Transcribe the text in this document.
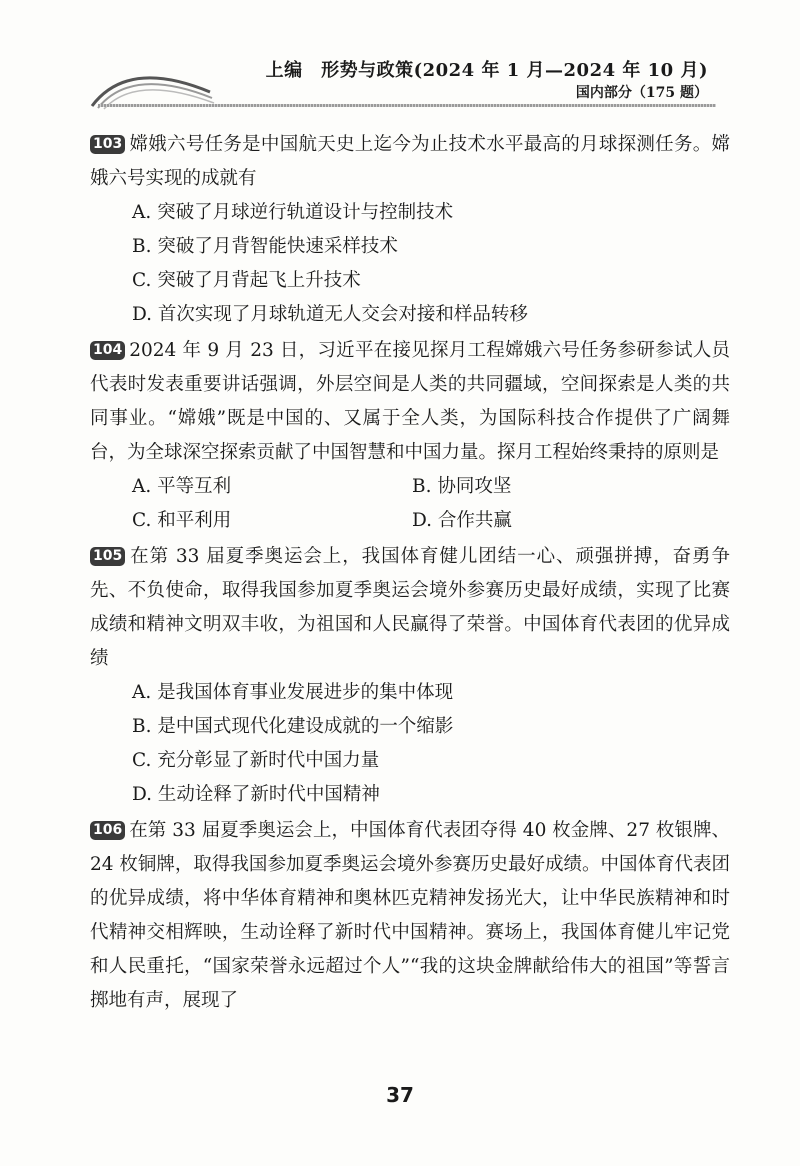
上编　形势与政策(2024 年 1 月—2024 年 10 月)
国内部分（175 题）
103 嫦娥六号任务是中国航天史上迄今为止技术水平最高的月球探测任务。嫦娥六号实现的成就有
A. 突破了月球逆行轨道设计与控制技术
B. 突破了月背智能快速采样技术
C. 突破了月背起飞上升技术
D. 首次实现了月球轨道无人交会对接和样品转移
104 2024 年 9 月 23 日，习近平在接见探月工程嫦娥六号任务参研参试人员代表时发表重要讲话强调，外层空间是人类的共同疆域，空间探索是人类的共同事业。“嫦娥”既是中国的、又属于全人类，为国际科技合作提供了广阔舞台，为全球深空探索贡献了中国智慧和中国力量。探月工程始终秉持的原则是
A. 平等互利	B. 协同攻坚
C. 和平利用	D. 合作共赢
105 在第 33 届夏季奥运会上，我国体育健儿团结一心、顽强拼搏，奋勇争先、不负使命，取得我国参加夏季奥运会境外参赛历史最好成绩，实现了比赛成绩和精神文明双丰收，为祖国和人民赢得了荣誉。中国体育代表团的优异成绩
A. 是我国体育事业发展进步的集中体现
B. 是中国式现代化建设成就的一个缩影
C. 充分彰显了新时代中国力量
D. 生动诠释了新时代中国精神
106 在第 33 届夏季奥运会上，中国体育代表团夺得 40 枚金牌、27 枚银牌、24 枚铜牌，取得我国参加夏季奥运会境外参赛历史最好成绩。中国体育代表团的优异成绩，将中华体育精神和奥林匹克精神发扬光大，让中华民族精神和时代精神交相辉映，生动诠释了新时代中国精神。赛场上，我国体育健儿牢记党和人民重托，“国家荣誉永远超过个人”“我的这块金牌献给伟大的祖国”等誓言掷地有声，展现了
37
